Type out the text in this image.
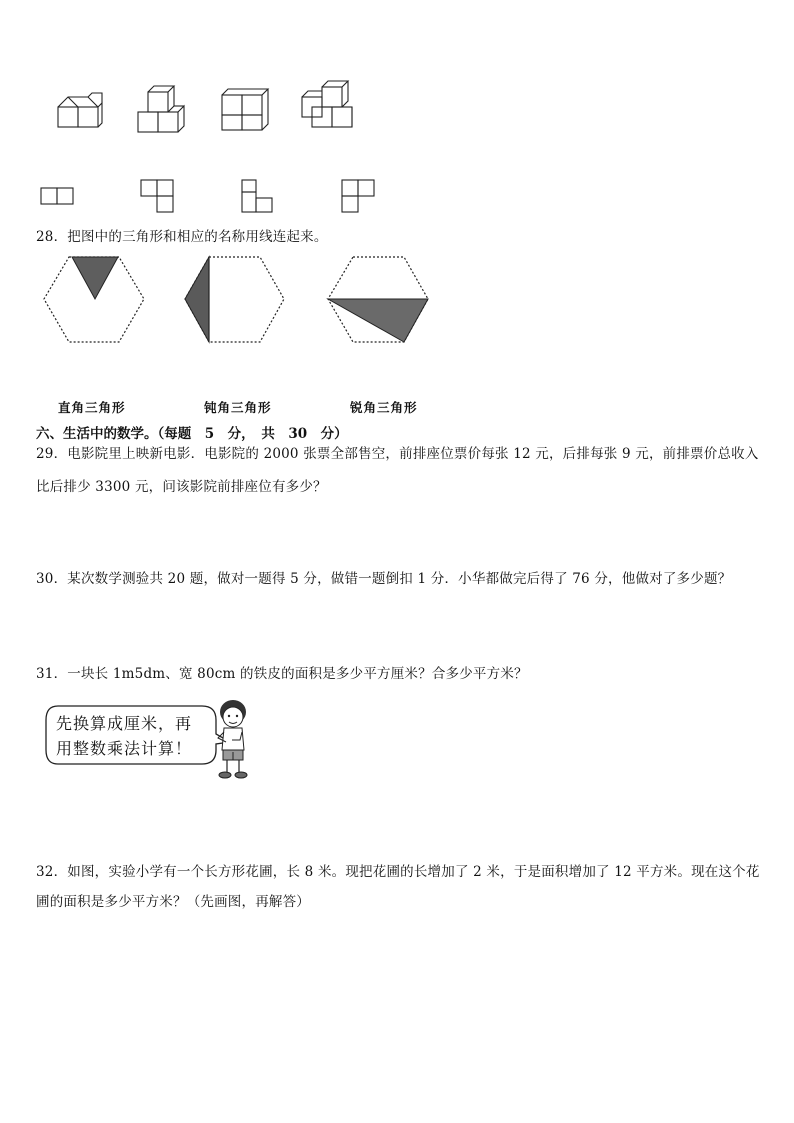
28．把图中的三角形和相应的名称用线连起来。
直角三角形	钝角三角形	锐角三角形
六、生活中的数学。（每题　5　分，　共　30　分）
29．电影院里上映新电影．电影院的 2000 张票全部售空，前排座位票价每张 12 元，后排每张 9 元，前排票价总收入
比后排少 3300 元，问该影院前排座位有多少？
30．某次数学测验共 20 题，做对一题得 5 分，做错一题倒扣 1 分．小华都做完后得了 76 分，他做对了多少题？
31．一块长 1m5dm、宽 80cm 的铁皮的面积是多少平方厘米？合多少平方米？
先换算成厘米，再
用整数乘法计算！
32．如图，实验小学有一个长方形花圃，长 8 米。现把花圃的长增加了 2 米，于是面积增加了 12 平方米。现在这个花
圃的面积是多少平方米？（先画图，再解答）
